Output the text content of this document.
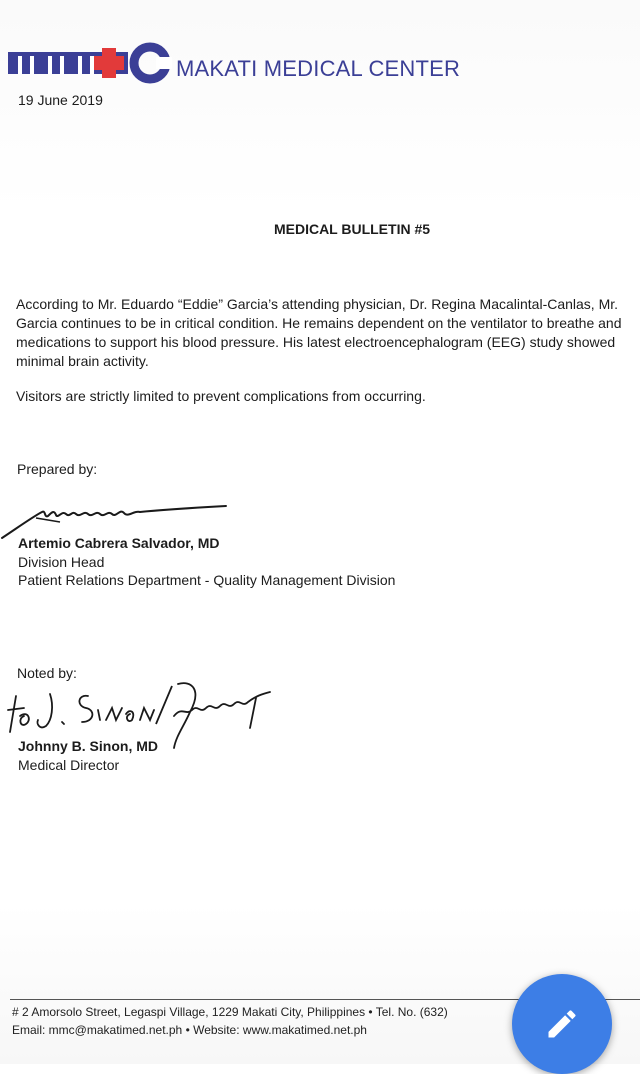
MAKATI MEDICAL CENTER
19 June 2019
MEDICAL BULLETIN #5
According to Mr. Eduardo “Eddie” Garcia’s attending physician, Dr. Regina Macalintal-Canlas, Mr. Garcia continues to be in critical condition. He remains dependent on the ventilator to breathe and medications to support his blood pressure. His latest electroencephalogram (EEG) study showed minimal brain activity.
Visitors are strictly limited to prevent complications from occurring.
Prepared by:
Artemio Cabrera Salvador, MD
Division Head
Patient Relations Department - Quality Management Division
Noted by:
Johnny B. Sinon, MD
Medical Director
# 2 Amorsolo Street, Legaspi Village, 1229 Makati City, Philippines • Tel. No. (632)
Email: mmc@makatimed.net.ph • Website: www.makatimed.net.ph
